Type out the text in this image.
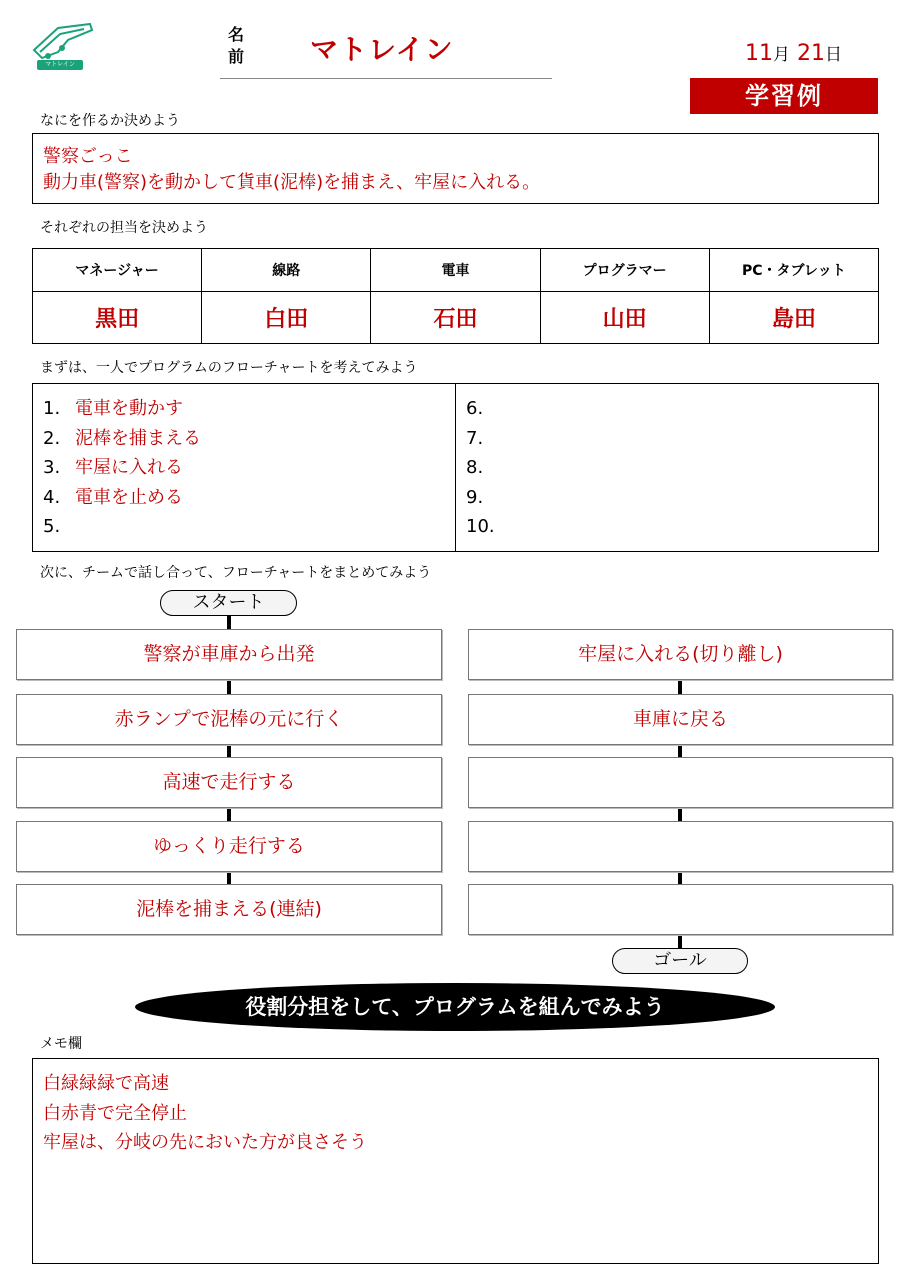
マトレイン
名前 マトレイン	11月 21日
学習例
なにを作るか決めよう
警察ごっこ
動力車(警察)を動かして貨車(泥棒)を捕まえ、牢屋に入れる。
それぞれの担当を決めよう
マネージャー	線路	電車	プログラマー	PC・タブレット
黒田	白田	石田	山田	島田
まずは、一人でプログラムのフローチャートを考えてみよう
1. 電車を動かす
2. 泥棒を捕まえる
3. 牢屋に入れる
4. 電車を止める
5.
6.
7.
8.
9.
10.
次に、チームで話し合って、フローチャートをまとめてみよう
スタート
警察が車庫から出発
赤ランプで泥棒の元に行く
高速で走行する
ゆっくり走行する
泥棒を捕まえる(連結)
牢屋に入れる(切り離し)
車庫に戻る
ゴール
役割分担をして、プログラムを組んでみよう
メモ欄
白緑緑緑で高速
白赤青で完全停止
牢屋は、分岐の先においた方が良さそう
